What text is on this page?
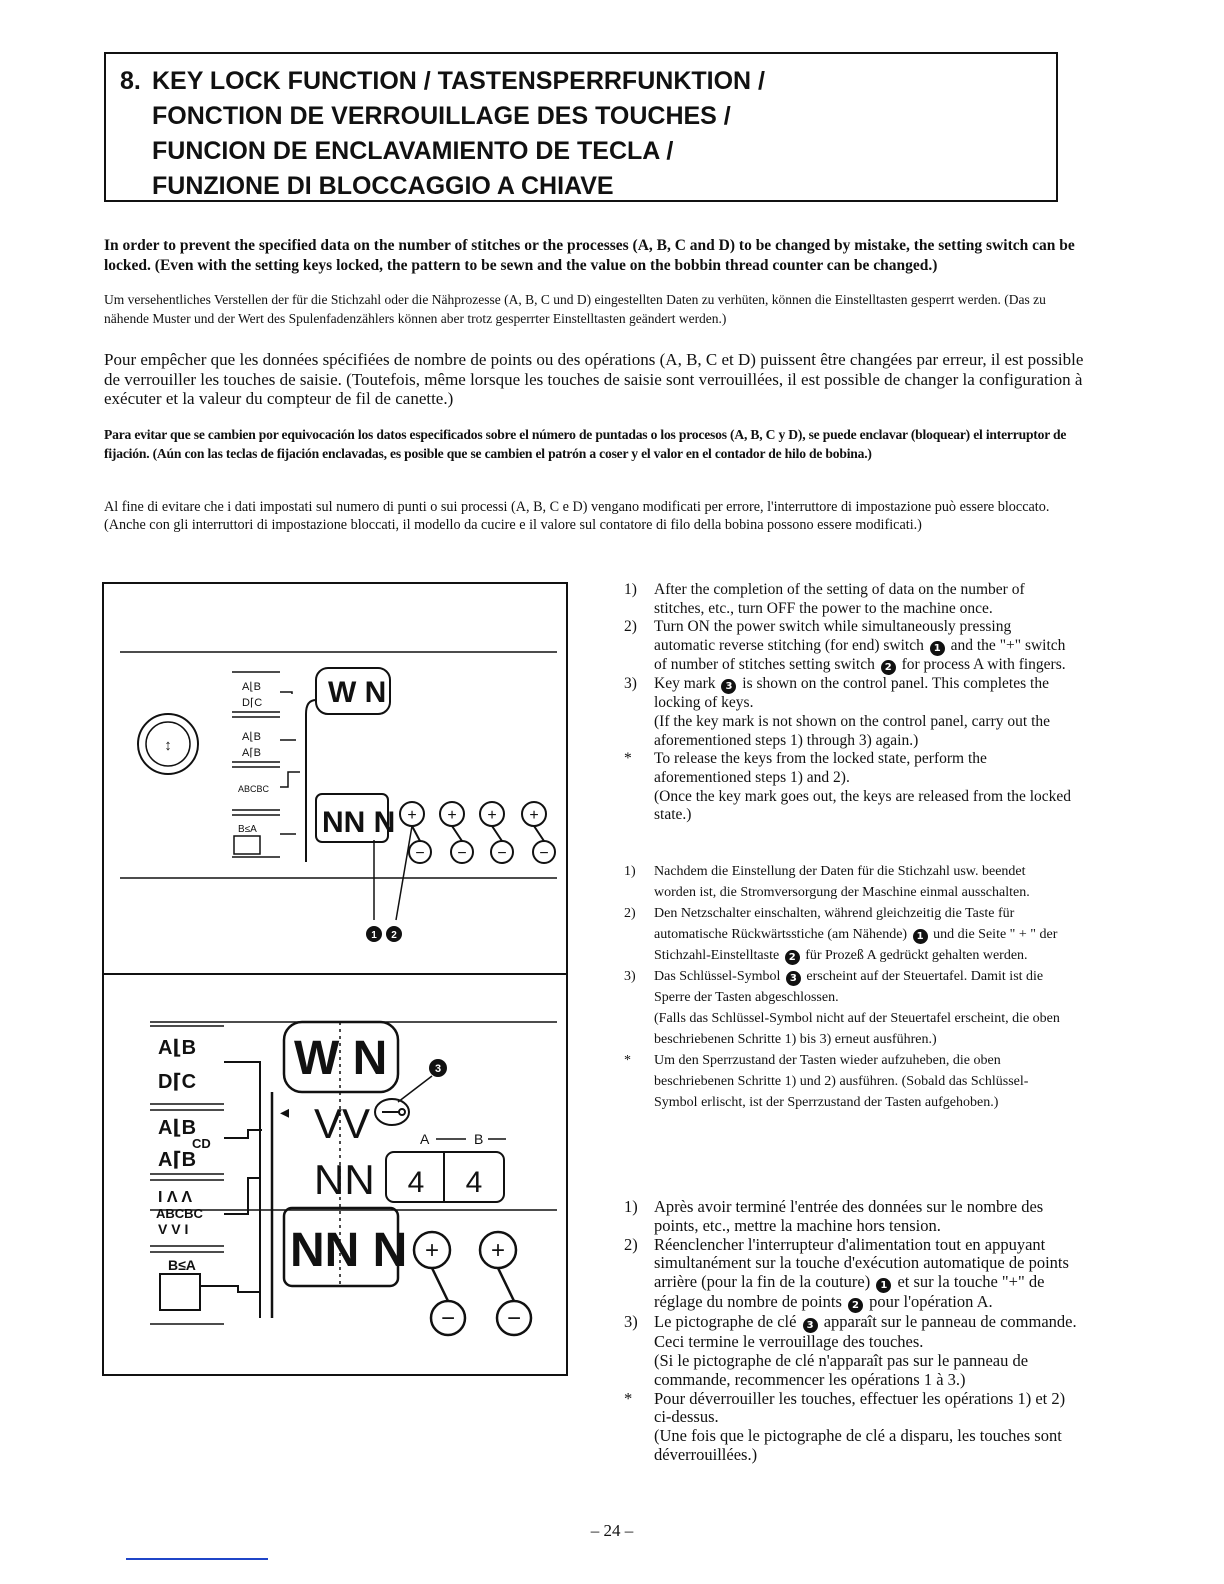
8. KEY LOCK FUNCTION / TASTENSPERRFUNKTION /
FONCTION DE VERROUILLAGE DES TOUCHES /
FUNCION DE ENCLAVAMIENTO DE TECLA /
FUNZIONE DI BLOCCAGGIO A CHIAVE

In order to prevent the specified data on the number of stitches or the processes (A, B, C and D) to be changed by mistake, the setting switch can be locked. (Even with the setting keys locked, the pattern to be sewn and the value on the bobbin thread counter can be changed.)

Um versehentliches Verstellen der für die Stichzahl oder die Nähprozesse (A, B, C und D) eingestellten Daten zu verhüten, können die Einstelltasten gesperrt werden. (Das zu nähende Muster und der Wert des Spulenfadenzählers können aber trotz gesperrter Einstelltasten geändert werden.)

Pour empêcher que les données spécifiées de nombre de points ou des opérations (A, B, C et D) puissent être changées par erreur, il est possible de verrouiller les touches de saisie. (Toutefois, même lorsque les touches de saisie sont verrouillées, il est possible de changer la configuration à exécuter et la valeur du compteur de fil de canette.)

Para evitar que se cambien por equivocación los datos especificados sobre el número de puntadas o los procesos (A, B, C y D), se puede enclavar (bloquear) el interruptor de fijación. (Aún con las teclas de fijación enclavadas, es posible que se cambien el patrón a coser y el valor en el contador de hilo de bobina.)

Al fine di evitare che i dati impostati sul numero di punti o sui processi (A, B, C e D) vengano modificati per errore, l'interruttore di impostazione può essere bloccato. (Anche con gli interruttori di impostazione bloccati, il modello da cucire e il valore sul contatore di filo della bobina possono essere modificati.)

↕
A⌊B
D⌈C
A⌊B
A⌈B
ABCBC
B≤A
W N
NN N + + + +
− − − −
1 2
A⌊B
D⌈C
A⌊B
CD
A⌈B
I Λ Λ
ABCBC
V V I
B≤A
W N
◂ VV
NN
NN N
3
A	B
4 4
+ +
− −
1) After the completion of the setting of data on the number of stitches, etc., turn OFF the power to the machine once.
2) Turn ON the power switch while simultaneously pressing automatic reverse stitching (for end) switch 1 and the "+" switch of number of stitches setting switch 2 for process A with fingers.
3) Key mark 3 is shown on the control panel. This completes the locking of keys.
(If the key mark is not shown on the control panel, carry out the aforementioned steps 1) through 3) again.)
* To release the keys from the locked state, perform the aforementioned steps 1) and 2).
(Once the key mark goes out, the keys are released from the locked state.)
1) Nachdem die Einstellung der Daten für die Stichzahl usw. beendet worden ist, die Stromversorgung der Maschine einmal ausschalten.
2) Den Netzschalter einschalten, während gleichzeitig die Taste für automatische Rückwärtsstiche (am Nähende) 1 und die Seite " + " der Stichzahl-Einstelltaste 2 für Prozeß A gedrückt gehalten werden.
3) Das Schlüssel-Symbol 3 erscheint auf der Steuertafel. Damit ist die Sperre der Tasten abgeschlossen.
(Falls das Schlüssel-Symbol nicht auf der Steuertafel erscheint, die oben beschriebenen Schritte 1) bis 3) erneut ausführen.)
* Um den Sperrzustand der Tasten wieder aufzuheben, die oben beschriebenen Schritte 1) und 2) ausführen. (Sobald das Schlüssel-Symbol erlischt, ist der Sperrzustand der Tasten aufgehoben.)
1) Après avoir terminé l'entrée des données sur le nombre des points, etc., mettre la machine hors tension.
2) Réenclencher l'interrupteur d'alimentation tout en appuyant simultanément sur la touche d'exécution automatique de points arrière (pour la fin de la couture) 1 et sur la touche "+" de réglage du nombre de points 2 pour l'opération A.
3) Le pictographe de clé 3 apparaît sur le panneau de commande. Ceci termine le verrouillage des touches.
(Si le pictographe de clé n'apparaît pas sur le panneau de commande, recommencer les opérations 1 à 3.)
* Pour déverrouiller les touches, effectuer les opérations 1) et 2) ci-dessus.
(Une fois que le pictographe de clé a disparu, les touches sont déverrouillées.)
– 24 –
